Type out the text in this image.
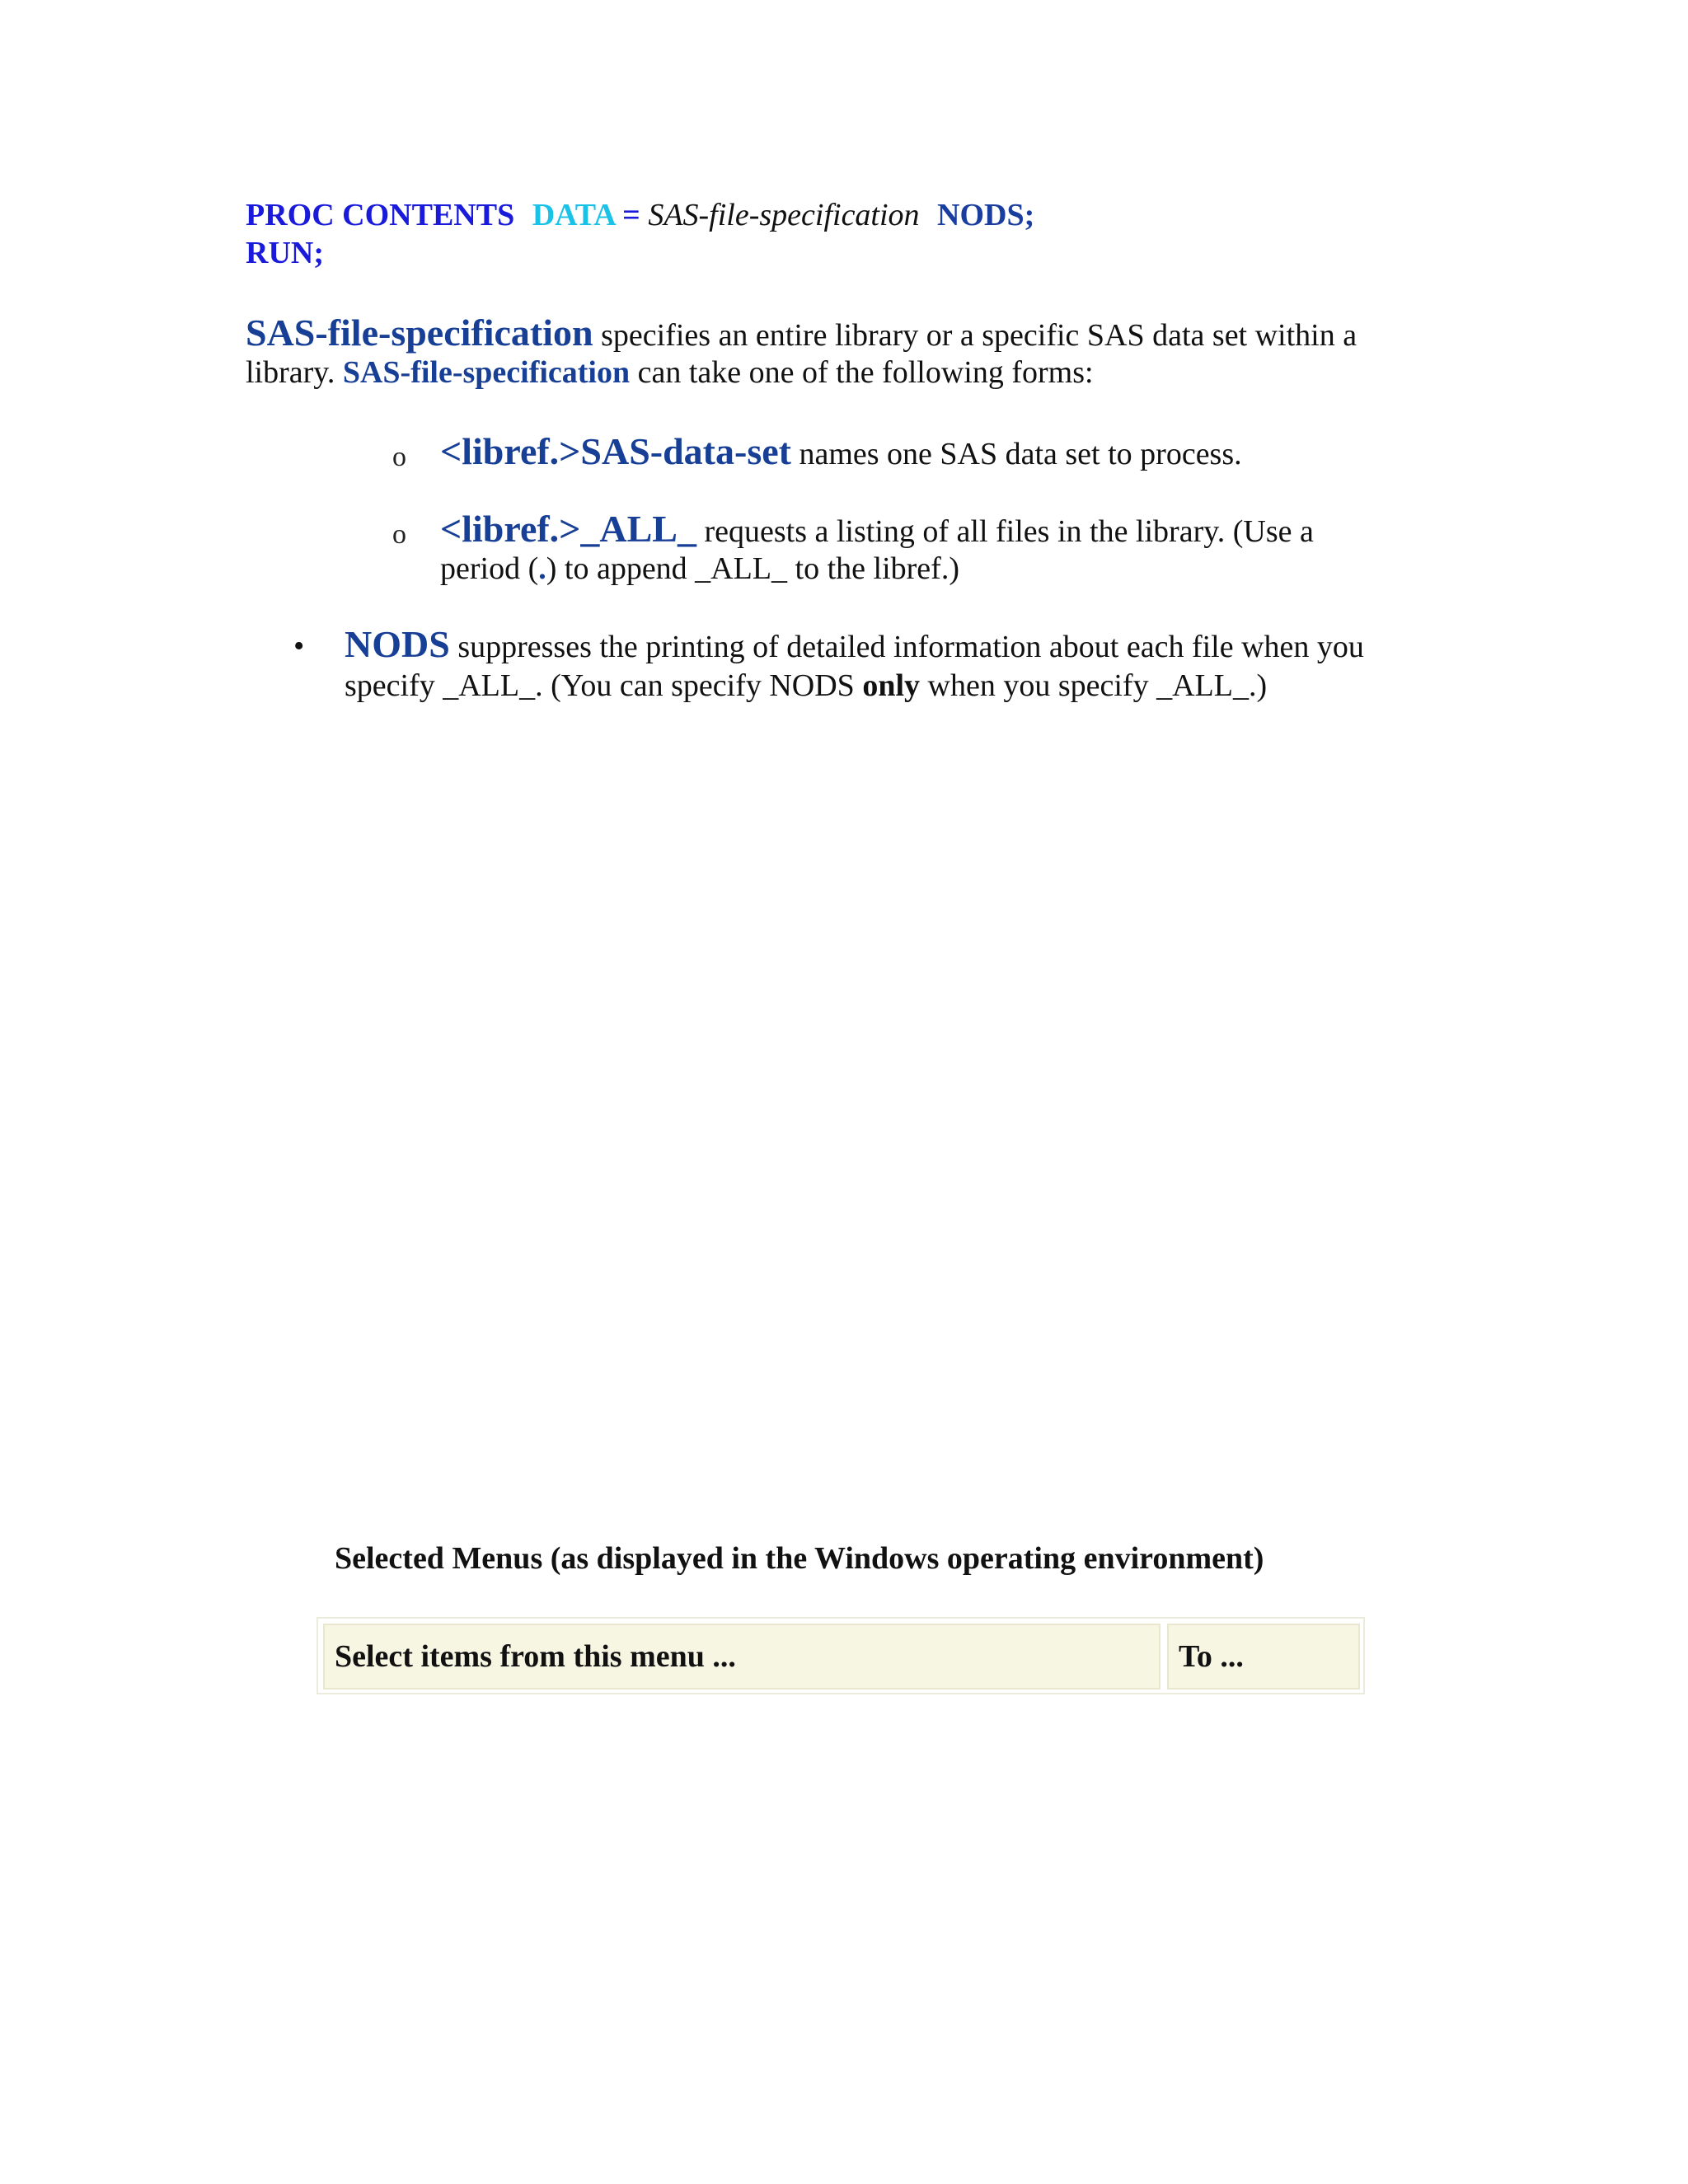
PROC CONTENTS DATA = SAS-file-specification NODS;
RUN;
SAS-file-specification specifies an entire library or a specific SAS data set within a
library. SAS-file-specification can take one of the following forms:
o <libref.>SAS-data-set names one SAS data set to process.
o <libref.>_ALL_ requests a listing of all files in the library. (Use a
period (.) to append _ALL_ to the libref.)
• NODS suppresses the printing of detailed information about each file when you
specify _ALL_. (You can specify NODS only when you specify _ALL_.)
Selected Menus (as displayed in the Windows operating environment)
Select items from this menu ...	To ...
